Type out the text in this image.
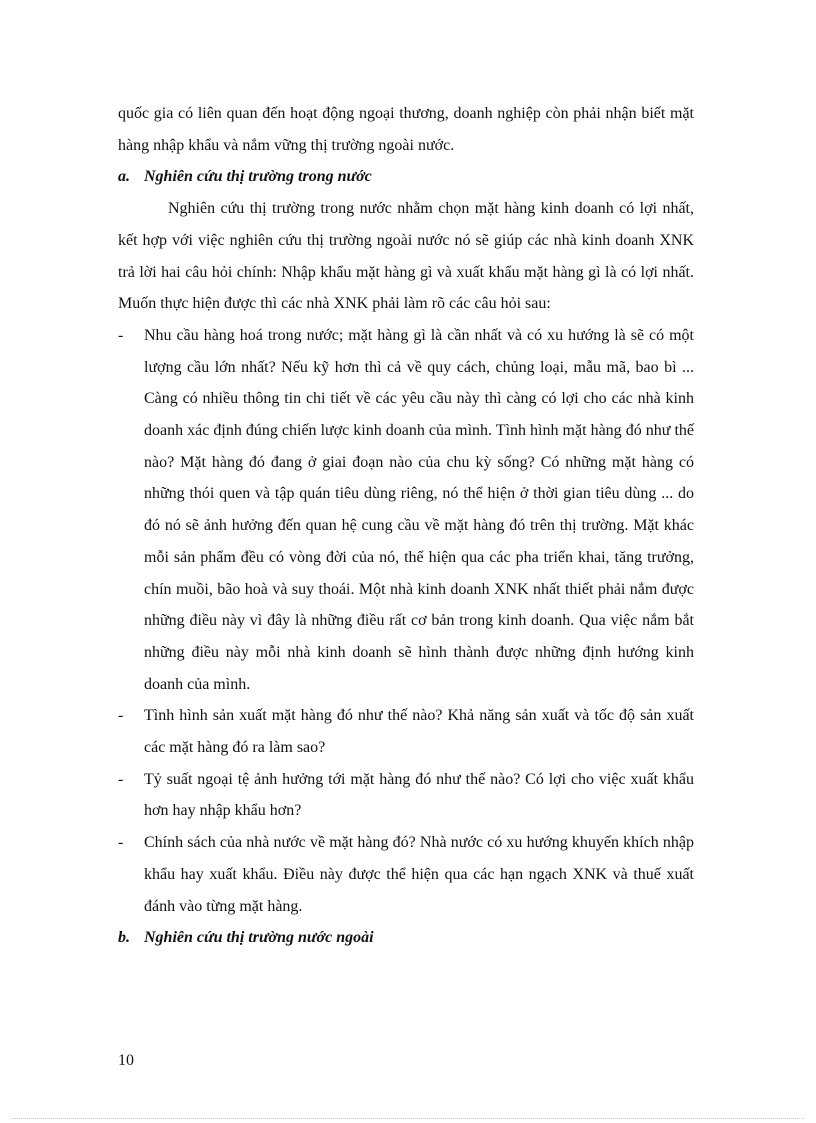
quốc gia có liên quan đến hoạt động ngoại thương, doanh nghiệp còn phải nhận biết mặt hàng nhập khẩu và nắm vững thị trường ngoài nước.

a. Nghiên cứu thị trường trong nước

Nghiên cứu thị trường trong nước nhằm chọn mặt hàng kinh doanh có lợi nhất, kết hợp với việc nghiên cứu thị trường ngoài nước nó sẽ giúp các nhà kinh doanh XNK trả lời hai câu hỏi chính: Nhập khẩu mặt hàng gì và xuất khẩu mặt hàng gì là có lợi nhất. Muốn thực hiện được thì các nhà XNK phải làm rõ các câu hỏi sau:

- Nhu cầu hàng hoá trong nước; mặt hàng gì là cần nhất và có xu hướng là sẽ có một lượng cầu lớn nhất? Nếu kỹ hơn thì cả về quy cách, chủng loại, mẫu mã, bao bì ... Càng có nhiều thông tin chi tiết về các yêu cầu này thì càng có lợi cho các nhà kinh doanh xác định đúng chiến lược kinh doanh của mình. Tình hình mặt hàng đó như thế nào? Mặt hàng đó đang ở giai đoạn nào của chu kỳ sống? Có những mặt hàng có những thói quen và tập quán tiêu dùng riêng, nó thể hiện ở thời gian tiêu dùng ... do đó nó sẽ ảnh hưởng đến quan hệ cung cầu về mặt hàng đó trên thị trường. Mặt khác mỗi sản phẩm đều có vòng đời của nó, thể hiện qua các pha triển khai, tăng trưởng, chín muồi, bão hoà và suy thoái. Một nhà kinh doanh XNK nhất thiết phải nắm được những điều này vì đây là những điều rất cơ bản trong kinh doanh. Qua việc nắm bắt những điều này mỗi nhà kinh doanh sẽ hình thành được những định hướng kinh doanh của mình.
- Tình hình sản xuất mặt hàng đó như thế nào? Khả năng sản xuất và tốc độ sản xuất các mặt hàng đó ra làm sao?
- Tỷ suất ngoại tệ ảnh hưởng tới mặt hàng đó như thế nào? Có lợi cho việc xuất khẩu hơn hay nhập khẩu hơn?
- Chính sách của nhà nước về mặt hàng đó? Nhà nước có xu hướng khuyến khích nhập khẩu hay xuất khẩu. Điều này được thể hiện qua các hạn ngạch XNK và thuế xuất đánh vào từng mặt hàng.

b. Nghiên cứu thị trường nước ngoài

10
